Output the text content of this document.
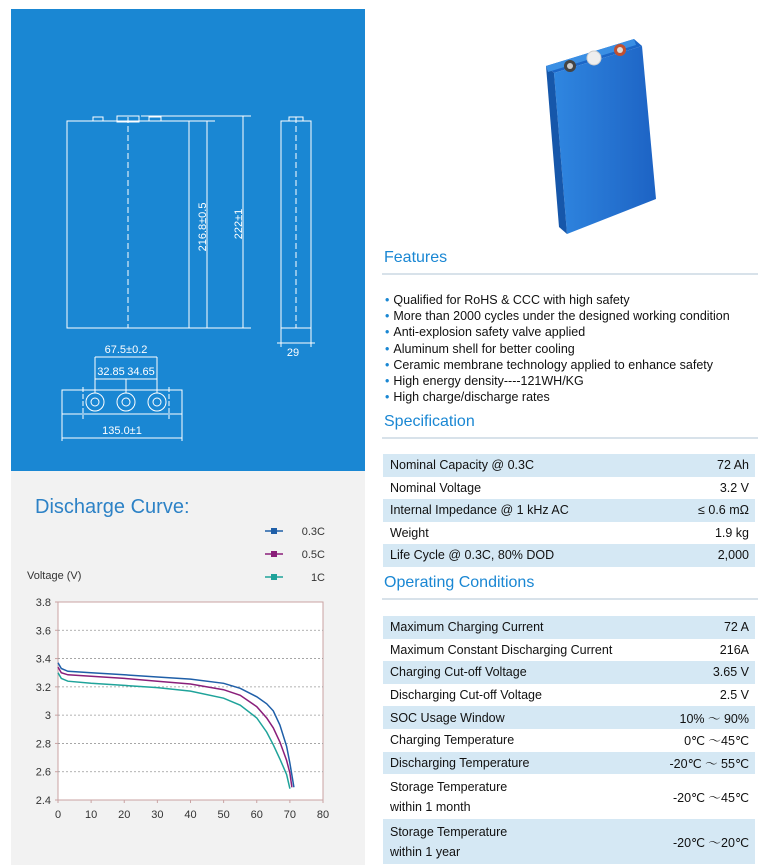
216.8±0.5 222±1
29
67.5±0.2
32.85 34.65
135.0±1
Discharge Curve:
Voltage (V)
0.3C
0.5C
1C
2.4
2.6
2.8
3
3.2
3.4
3.6
3.8
0 10 20 30 40 50 60 70 80
Features
• Qualified for RoHS & CCC with high safety
• More than 2000 cycles under the designed working condition
• Anti-explosion safety valve applied
• Aluminum shell for better cooling
• Ceramic membrane technology applied to enhance safety
• High energy density----121WH/KG
• High charge/discharge rates
Specification
Nominal Capacity @ 0.3C	72 Ah
Nominal Voltage	3.2 V
Internal Impedance @ 1 kHz AC	≤ 0.6 mΩ
Weight	1.9 kg
Life Cycle @ 0.3C, 80% DOD	2,000
Operating Conditions
Maximum Charging Current	72 A
Maximum Constant Discharging Current	216A
Charging Cut-off Voltage	3.65 V
Discharging Cut-off Voltage	2.5 V
SOC Usage Window	10% ～ 90%
Charging Temperature	0℃ ～45℃
Discharging Temperature	-20℃ ～ 55℃

Storage Temperature
within 1 month	-20℃ ～45℃

Storage Temperature
within 1 year	-20℃ ～20℃
